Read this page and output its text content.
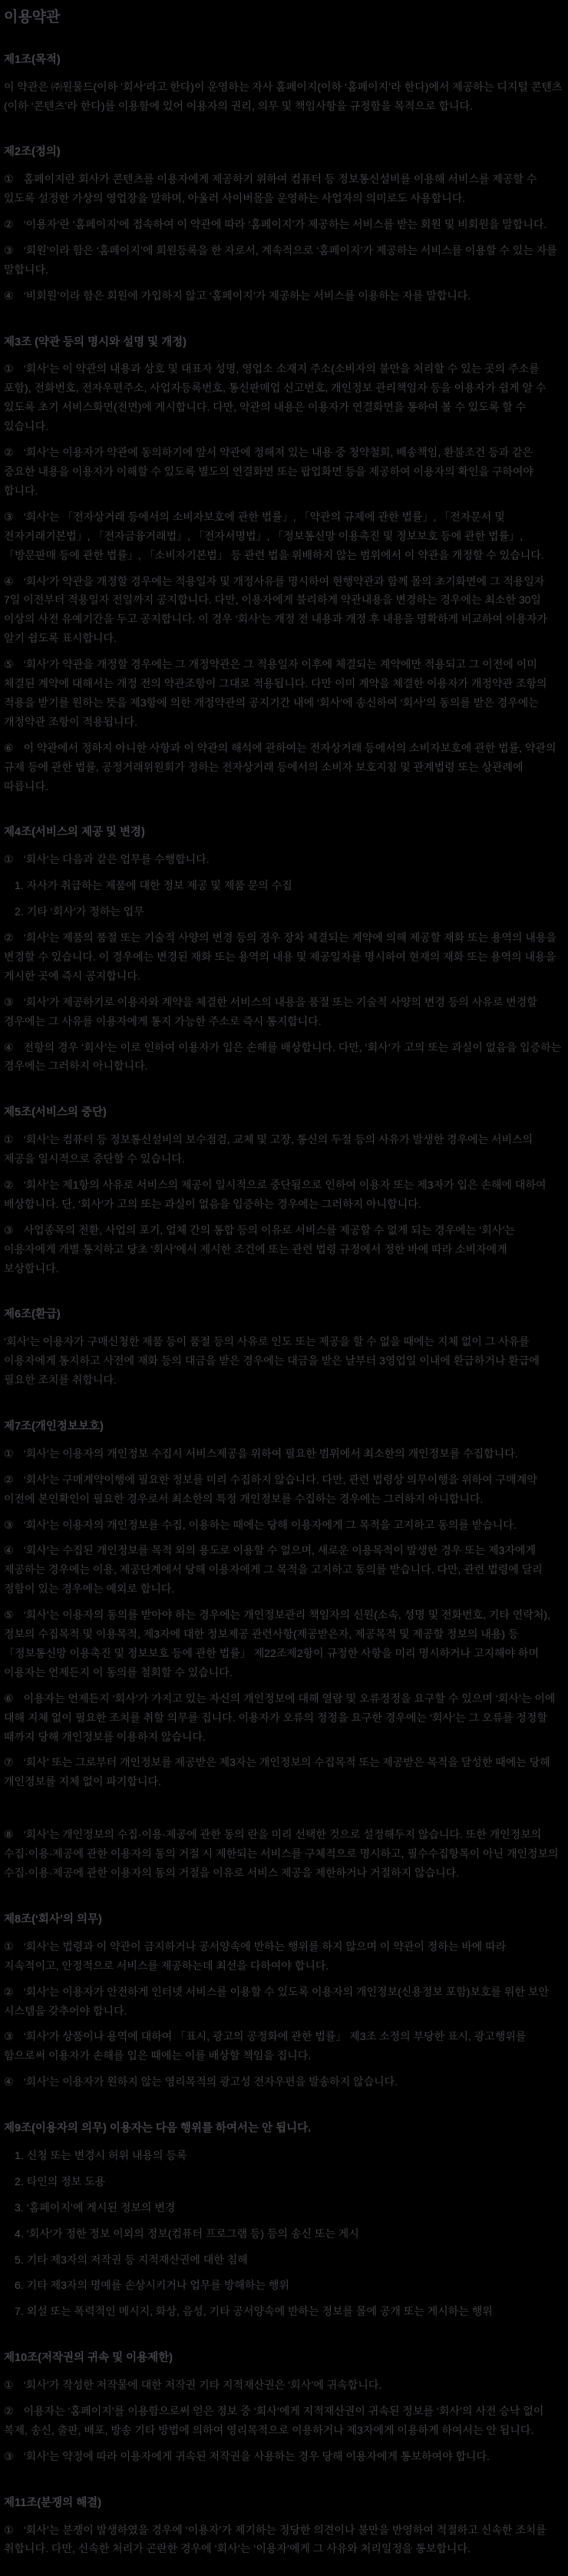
이용약관
제1조(목적)

이 약관은 ㈜원물드(이하 ‘회사’라고 한다)이 운영하는 자사 홈페이지(이하 ‘홈페이지’라 한다)에서 제공하는 디지털 콘텐츠(이하 ‘콘텐츠’라 한다)를 이용함에 있어 이용자의 권리, 의무 및 책임사항을 규정함을 목적으로 합니다.

제2조(정의)

① 홈페이지란 회사가 콘텐츠를 이용자에게 제공하기 위하여 컴퓨터 등 정보통신설비를 이용해 서비스를 제공할 수 있도록 설정한 가상의 영업장을 말하며, 아울러 사이버몰을 운영하는 사업자의 의미로도 사용합니다.

② ‘이용자’란 ‘홈페이지’에 접속하여 이 약관에 따라 ‘홈페이지’가 제공하는 서비스를 받는 회원 및 비회원을 말합니다.

③ ‘회원’이라 함은 ‘홈페이지’에 회원등록을 한 자로서, 계속적으로 ‘홈페이지’가 제공하는 서비스를 이용할 수 있는 자를 말합니다.

④ ‘비회원’이라 함은 회원에 가입하지 않고 ‘홈페이지’가 제공하는 서비스를 이용하는 자를 말합니다.

제3조 (약관 등의 명시와 설명 및 개정)

① ‘회사’는 이 약관의 내용과 상호 및 대표자 성명, 영업소 소재지 주소(소비자의 불만을 처리할 수 있는 곳의 주소를 포함), 전화번호, 전자우편주소, 사업자등록번호, 통신판매업 신고번호, 개인정보 관리책임자 등을 이용자가 쉽게 알 수 있도록 초기 서비스화면(전면)에 게시합니다. 다만, 약관의 내용은 이용자가 연결화면을 통하여 볼 수 있도록 할 수 있습니다.

② ‘회사’는 이용자가 약관에 동의하기에 앞서 약관에 정해져 있는 내용 중 청약철회, 배송책임, 환불조건 등과 같은 중요한 내용을 이용자가 이해할 수 있도록 별도의 연결화면 또는 팝업화면 등을 제공하여 이용자의 확인을 구하여야 합니다.

③ ‘회사’는 「전자상거래 등에서의 소비자보호에 관한 법률」, 「약관의 규제에 관한 법률」, 「전자문서 및 전자거래기본법」, 「전자금융거래법」, 「전자서명법」, 「정보통신망 이용촉진 및 정보보호 등에 관한 법률」, 「방문판매 등에 관한 법률」, 「소비자기본법」 등 관련 법을 위배하지 않는 범위에서 이 약관을 개정할 수 있습니다.

④ ‘회사’가 약관을 개정할 경우에는 적용일자 및 개정사유를 명시하여 현행약관과 함께 몰의 초기화면에 그 적용일자 7일 이전부터 적용일자 전일까지 공지합니다. 다만, 이용자에게 불리하게 약관내용을 변경하는 경우에는 최소한 30일 이상의 사전 유예기간을 두고 공지합니다. 이 경우 ‘회사’는 개정 전 내용과 개정 후 내용을 명확하게 비교하여 이용자가 알기 쉽도록 표시합니다.

⑤ ‘회사’가 약관을 개정할 경우에는 그 개정약관은 그 적용일자 이후에 체결되는 계약에만 적용되고 그 이전에 이미 체결된 계약에 대해서는 개정 전의 약관조항이 그대로 적용됩니다. 다만 이미 계약을 체결한 이용자가 개정약관 조항의 적용을 받기를 원하는 뜻을 제3항에 의한 개정약관의 공지기간 내에 ‘회사’에 송신하여 ‘회사’의 동의를 받은 경우에는 개정약관 조항이 적용됩니다.

⑥ 이 약관에서 정하지 아니한 사항과 이 약관의 해석에 관하여는 전자상거래 등에서의 소비자보호에 관한 법률, 약관의 규제 등에 관한 법률, 공정거래위원회가 정하는 전자상거래 등에서의 소비자 보호지침 및 관계법령 또는 상관례에 따릅니다.

제4조(서비스의 제공 및 변경)

① ‘회사’는 다음과 같은 업무를 수행합니다.

1. 자사가 취급하는 제품에 대한 정보 제공 및 제품 문의 수집

2. 기타 ‘회사’가 정하는 업무

② ‘회사’는 제품의 품절 또는 기술적 사양의 변경 등의 경우 장차 체결되는 계약에 의해 제공할 재화 또는 용역의 내용을 변경할 수 있습니다. 이 경우에는 변경된 재화 또는 용역의 내용 및 제공일자를 명시하여 현재의 재화 또는 용역의 내용을 게시한 곳에 즉시 공지합니다.

③ ‘회사’가 제공하기로 이용자와 계약을 체결한 서비스의 내용을 품절 또는 기술적 사양의 변경 등의 사유로 변경할 경우에는 그 사유를 이용자에게 통지 가능한 주소로 즉시 통지합니다.

④ 전항의 경우 ‘회사’는 이로 인하여 이용자가 입은 손해를 배상합니다. 다만, ‘회사’가 고의 또는 과실이 없음을 입증하는 경우에는 그러하지 아니합니다.

제5조(서비스의 중단)

① ‘회사’는 컴퓨터 등 정보통신설비의 보수점검, 교체 및 고장, 통신의 두절 등의 사유가 발생한 경우에는 서비스의 제공을 일시적으로 중단할 수 있습니다.

② ‘회사’는 제1항의 사유로 서비스의 제공이 일시적으로 중단됨으로 인하여 이용자 또는 제3자가 입은 손해에 대하여 배상합니다. 단, ‘회사’가 고의 또는 과실이 없음을 입증하는 경우에는 그러하지 아니합니다.

③ 사업종목의 전환, 사업의 포기, 업체 간의 통합 등의 이유로 서비스를 제공할 수 없게 되는 경우에는 ‘회사’는 이용자에게 개별 통지하고 당초 ‘회사’에서 제시한 조건에 또는 관련 법령 규정에서 정한 바에 따라 소비자에게 보상합니다.

제6조(환급)

‘회사’는 이용자가 구매신청한 제품 등이 품절 등의 사유로 인도 또는 제공을 할 수 없을 때에는 지체 없이 그 사유를 이용자에게 통지하고 사전에 재화 등의 대금을 받은 경우에는 대금을 받은 날부터 3영업일 이내에 환급하거나 환급에 필요한 조치를 취합니다.

제7조(개인정보보호)

① ‘회사’는 이용자의 개인정보 수집시 서비스제공을 위하여 필요한 범위에서 최소한의 개인정보를 수집합니다.

② ‘회사’는 구매계약이행에 필요한 정보를 미리 수집하지 않습니다. 다만, 관련 법령상 의무이행을 위하여 구매계약 이전에 본인확인이 필요한 경우로서 최소한의 특정 개인정보를 수집하는 경우에는 그러하지 아니합니다.

③ ‘회사’는 이용자의 개인정보를 수집, 이용하는 때에는 당해 이용자에게 그 목적을 고지하고 동의를 받습니다.

④ ‘회사’는 수집된 개인정보를 목적 외의 용도로 이용할 수 없으며, 새로운 이용목적이 발생한 경우 또는 제3자에게 제공하는 경우에는 이용, 제공단계에서 당해 이용자에게 그 목적을 고지하고 동의를 받습니다. 다만, 관련 법령에 달리 정함이 있는 경우에는 예외로 합니다.

⑤ ‘회사’는 이용자의 동의를 받아야 하는 경우에는 개인정보관리 책임자의 신원(소속, 성명 및 전화번호, 기타 연락처), 정보의 수집목적 및 이용목적, 제3자에 대한 정보제공 관련사항(제공받은자, 제공목적 및 제공할 정보의 내용) 등 「정보통신망 이용촉진 및 정보보호 등에 관한 법률」 제22조제2항이 규정한 사항을 미리 명시하거나 고지해야 하며 이용자는 언제든지 이 동의를 철회할 수 있습니다.

⑥ 이용자는 언제든지 ‘회사’가 가지고 있는 자신의 개인정보에 대해 열람 및 오류정정을 요구할 수 있으며 ‘회사’는 이에 대해 지체 없이 필요한 조치를 취할 의무를 집니다. 이용자가 오류의 정정을 요구한 경우에는 ‘회사’는 그 오류를 정정할 때까지 당해 개인정보를 이용하지 않습니다.

⑦ ‘회사’ 또는 그로부터 개인정보를 제공받은 제3자는 개인정보의 수집목적 또는 제공받은 목적을 달성한 때에는 당해 개인정보를 지체 없이 파기합니다.

⑧ ‘회사’는 개인정보의 수집·이용·제공에 관한 동의 란을 미리 선택한 것으로 설정해두지 않습니다. 또한 개인정보의 수집·이용·제공에 관한 이용자의 동의 거절 시 제한되는 서비스를 구체적으로 명시하고, 필수수집항목이 아닌 개인정보의 수집·이용·제공에 관한 이용자의 동의 거절을 이유로 서비스 제공을 제한하거나 거절하지 않습니다.

제8조(‘회사’의 의무)

① ‘회사’는 법령과 이 약관이 금지하거나 공서양속에 반하는 행위를 하지 않으며 이 약관이 정하는 바에 따라 지속적이고, 안정적으로 서비스를 제공하는데 최선을 다하여야 합니다.

② ‘회사’는 이용자가 안전하게 인터넷 서비스를 이용할 수 있도록 이용자의 개인정보(신용정보 포함)보호를 위한 보안 시스템을 갖추어야 합니다.

③ ‘회사’가 상품이나 용역에 대하여 「표시, 광고의 공정화에 관한 법률」 제3조 소정의 부당한 표시, 광고행위를 함으로써 이용자가 손해를 입은 때에는 이를 배상할 책임을 집니다.

④ ‘회사’는 이용자가 원하지 않는 영리목적의 광고성 전자우편을 발송하지 않습니다.

제9조(이용자의 의무) 이용자는 다음 행위를 하여서는 안 됩니다.

1. 신청 또는 변경시 허위 내용의 등록

2. 타인의 정보 도용

3. ‘홈페이지’에 게시된 정보의 변경

4. ‘회사’가 정한 정보 이외의 정보(컴퓨터 프로그램 등) 등의 송신 또는 게시

5. 기타 제3자의 저작권 등 지적재산권에 대한 침해

6. 기타 제3자의 명예를 손상시키거나 업무를 방해하는 행위

7. 외설 또는 폭력적인 메시지, 화상, 음성, 기타 공서양속에 반하는 정보를 몰에 공개 또는 게시하는 행위

제10조(저작권의 귀속 및 이용제한)

① ‘회사’가 작성한 저작물에 대한 저작권 기타 지적재산권은 ‘회사’에 귀속합니다.

② 이용자는 ‘홈페이지’를 이용함으로써 얻은 정보 중 ‘회사’에게 지적재산권이 귀속된 정보를 ‘회사’의 사전 승낙 없이 복제, 송신, 출판, 배포, 방송 기타 방법에 의하여 영리목적으로 이용하거나 제3자에게 이용하게 하여서는 안 됩니다.

③ ‘회사’는 약정에 따라 이용자에게 귀속된 저작권을 사용하는 경우 당해 이용자에게 통보하여야 합니다.

제11조(분쟁의 해결)

① ‘회사’는 분쟁이 발생하였을 경우에 ‘이용자’가 제기하는 정당한 의견이나 불만을 반영하여 적절하고 신속한 조치를 취합니다. 다만, 신속한 처리가 곤란한 경우에 ‘회사’는 ‘이용자’에게 그 사유와 처리일정을 통보합니다.
